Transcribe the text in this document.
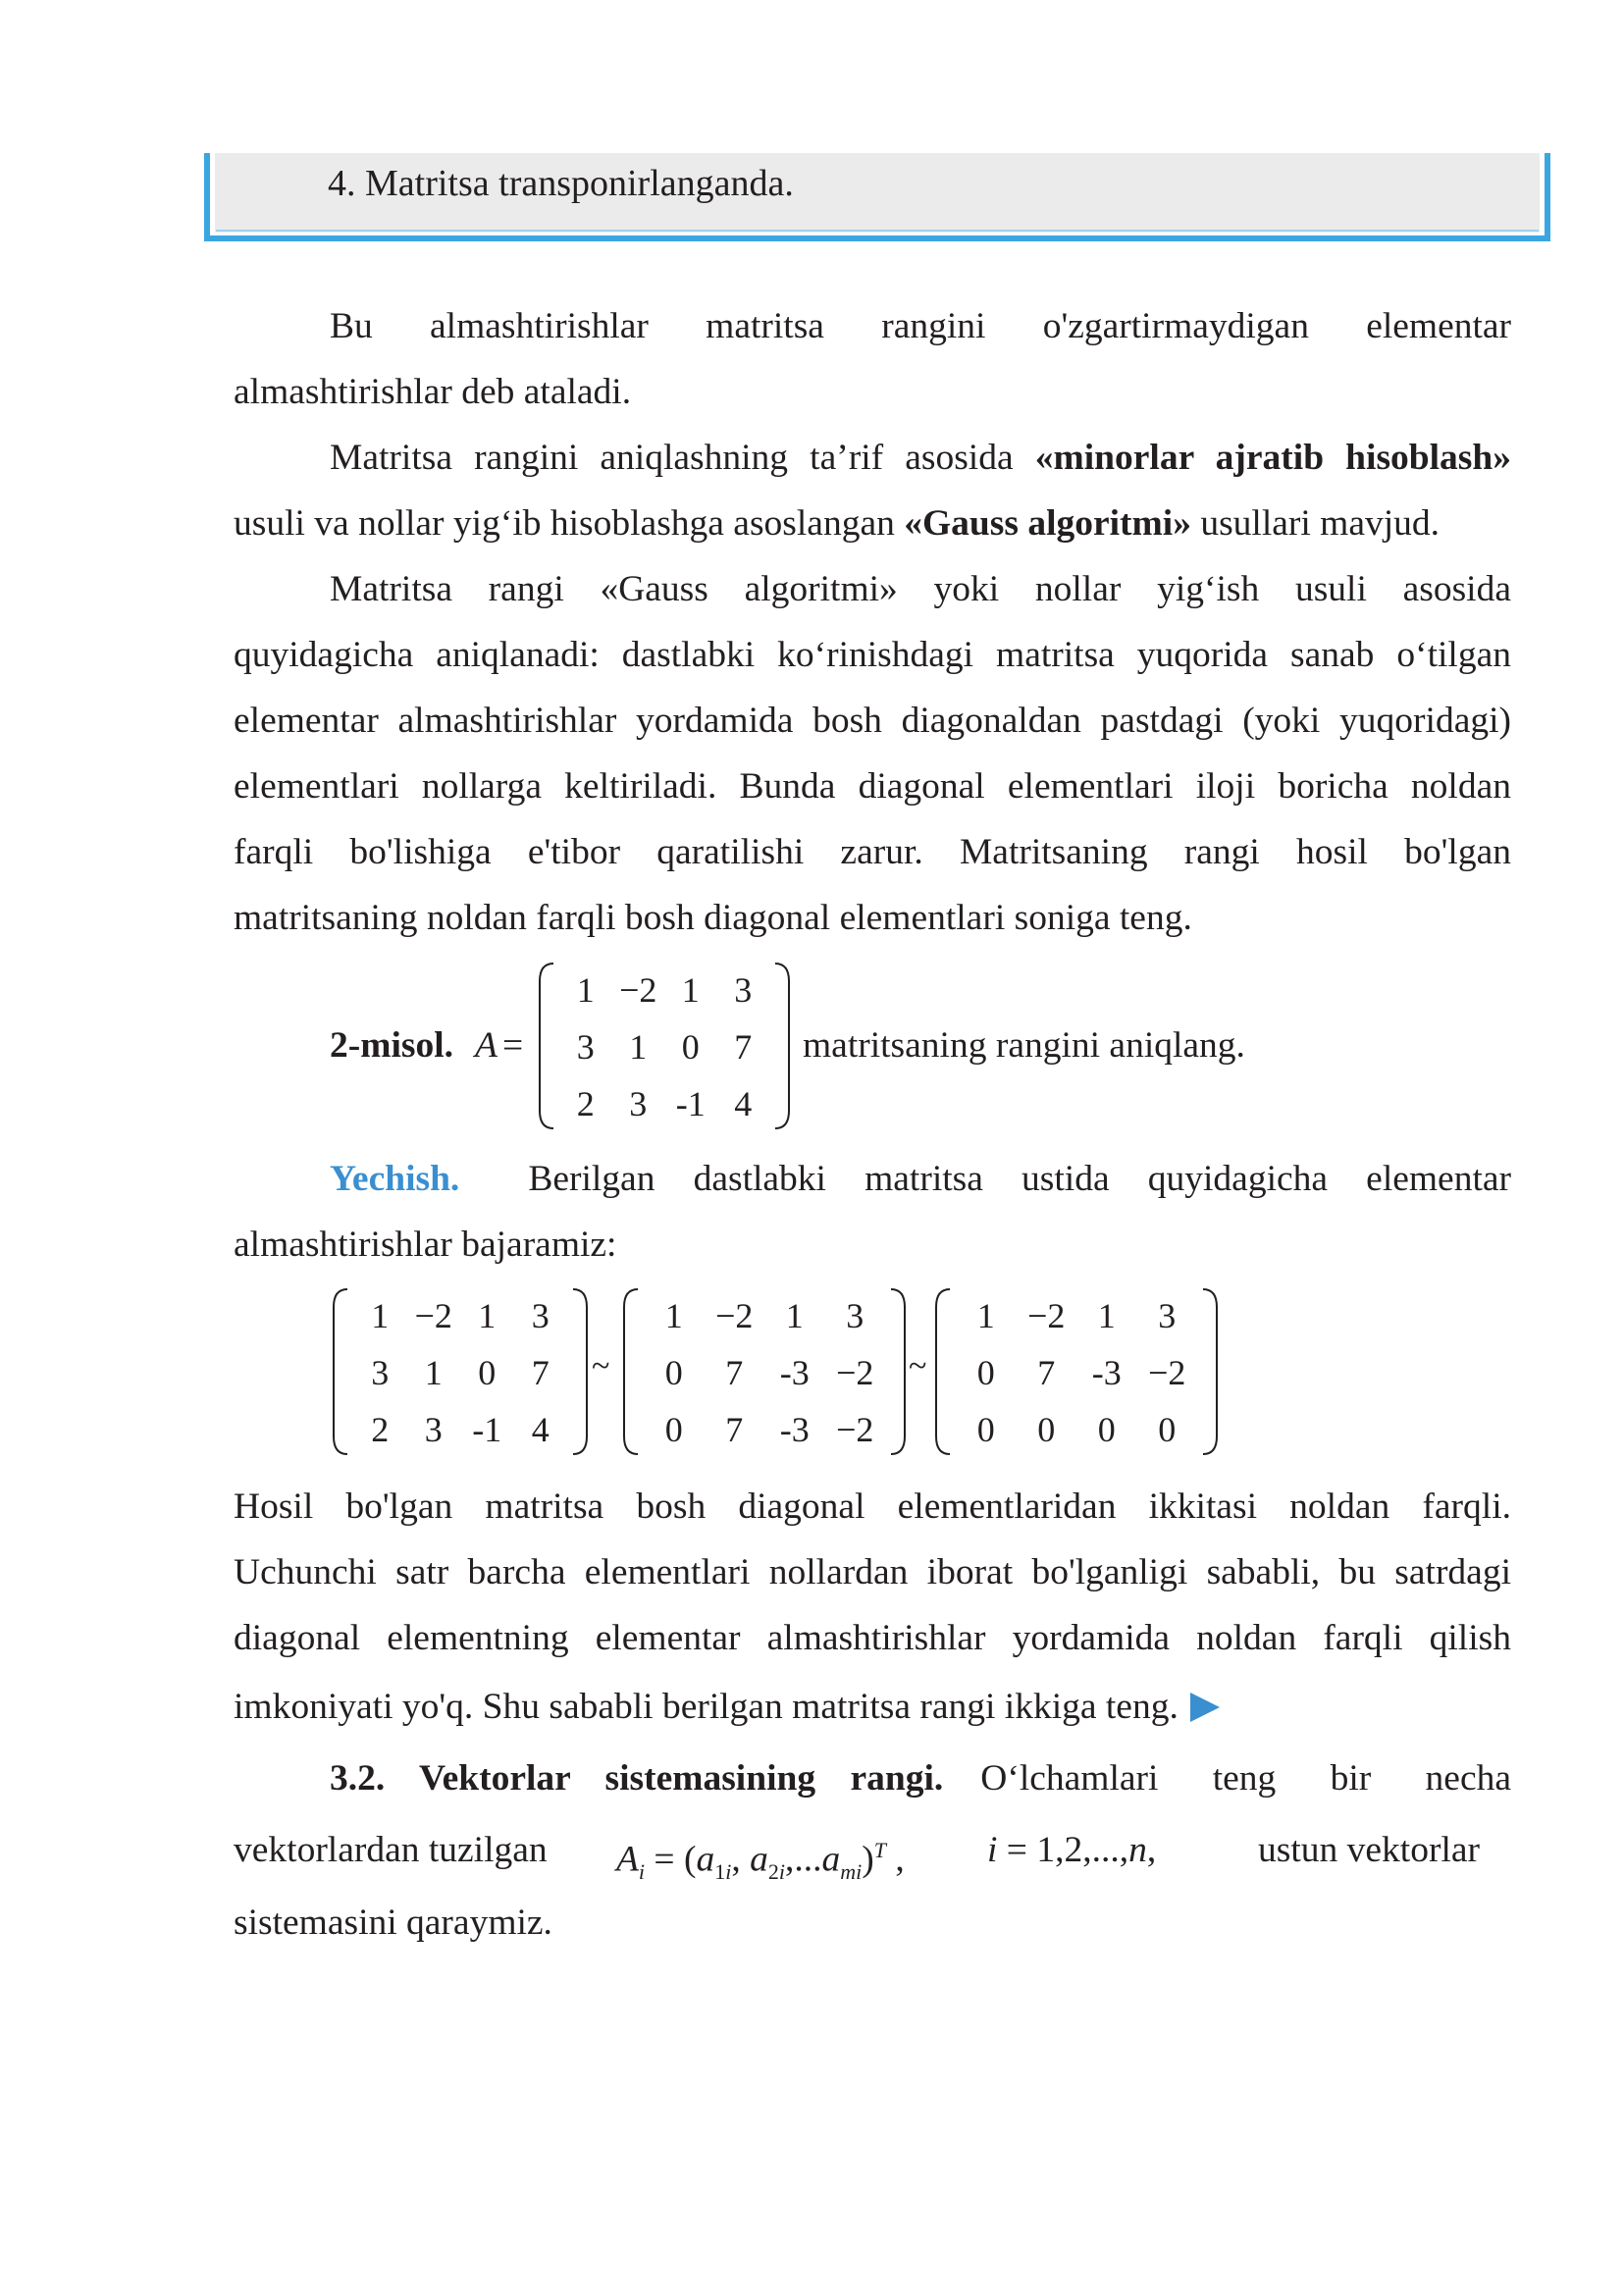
4. Matritsa transponirlanganda.
Bu almashtirishlar matritsa rangini o'zgartirmaydigan elementar
almashtirishlar deb ataladi.
Matritsa rangini aniqlashning ta’rif asosida «minorlar ajratib hisoblash»
usuli va nollar yig‘ib hisoblashga asoslangan «Gauss algoritmi» usullari mavjud.
Matritsa rangi «Gauss algoritmi» yoki nollar yig‘ish usuli asosida
quyidagicha aniqlanadi: dastlabki ko‘rinishdagi matritsa yuqorida sanab o‘tilgan
elementar almashtirishlar yordamida bosh diagonaldan pastdagi (yoki yuqoridagi)
elementlari nollarga keltiriladi. Bunda diagonal elementlari iloji boricha noldan
farqli bo'lishiga e'tibor qaratilishi zarur. Matritsaning rangi hosil bo'lgan
matritsaning noldan farqli bosh diagonal elementlari soniga teng.
2-misol. A =
1 −2 1 3
3 1 0 7
2 3 -1 4
matritsaning rangini aniqlang.
Yechish. Berilgan dastlabki matritsa ustida quyidagicha elementar
almashtirishlar bajaramiz:
1 −2 1	3
3	1	0	7
2	3 -1 4
~
1 −2 1	3
0	7	-3 −2
0	7	-3 −2
~
1 −2 1	3
0	7	-3 −2
0	0	0	0
Hosil bo'lgan matritsa bosh diagonal elementlaridan ikkitasi noldan farqli.
Uchunchi satr barcha elementlari nollardan iborat bo'lganligi sababli, bu satrdagi
diagonal elementning elementar almashtirishlar yordamida noldan farqli qilish
imkoniyati yo'q. Shu sababli berilgan matritsa rangi ikkiga teng.
3.2. Vektorlar sistemasining rangi. O‘lchamlari teng bir necha
vektorlardan tuzilgan $A_i = (a_{1i}$, $a_{2i},...a_{mi})^T$ , i = 1,2,...,n,	ustun vektorlar
sistemasini qaraymiz.
